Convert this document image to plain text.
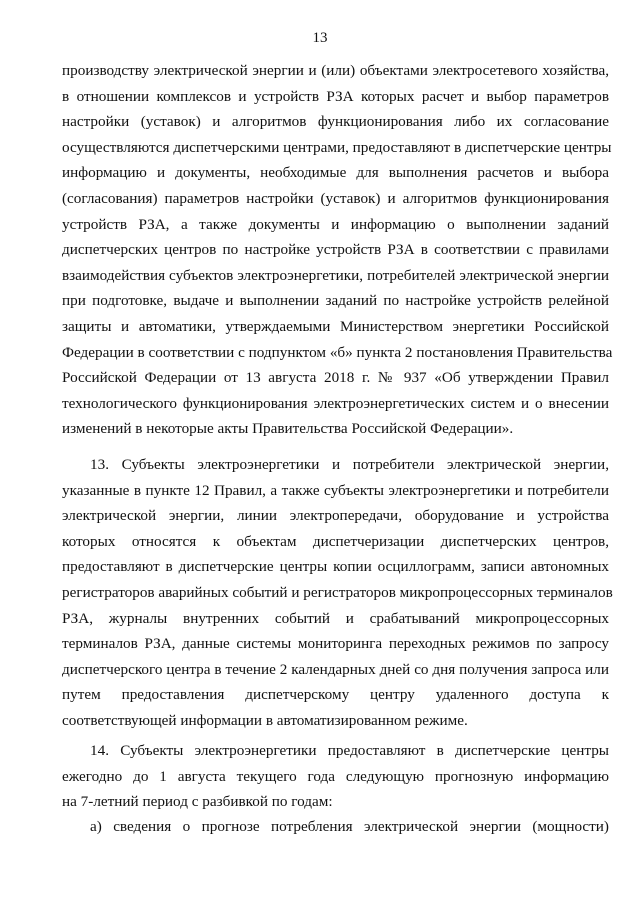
13
производству электрической энергии и (или) объектами электросетевого хозяйства,
в отношении комплексов и устройств РЗА которых расчет и выбор параметров
настройки (уставок) и алгоритмов функционирования либо их согласование
осуществляются диспетчерскими центрами, предоставляют в диспетчерские центры
информацию и документы, необходимые для выполнения расчетов и выбора
(согласования) параметров настройки (уставок) и алгоритмов функционирования
устройств РЗА, а также документы и информацию о выполнении заданий
диспетчерских центров по настройке устройств РЗА в соответствии с правилами
взаимодействия субъектов электроэнергетики, потребителей электрической энергии
при подготовке, выдаче и выполнении заданий по настройке устройств релейной
защиты и автоматики, утверждаемыми Министерством энергетики Российской
Федерации в соответствии с подпунктом «б» пункта 2 постановления Правительства
Российской Федерации от 13 августа 2018 г. № 937 «Об утверждении Правил
технологического функционирования электроэнергетических систем и о внесении
изменений в некоторые акты Правительства Российской Федерации».
13. Субъекты электроэнергетики и потребители электрической энергии,
указанные в пункте 12 Правил, а также субъекты электроэнергетики и потребители
электрической энергии, линии электропередачи, оборудование и устройства
которых относятся к объектам диспетчеризации диспетчерских центров,
предоставляют в диспетчерские центры копии осциллограмм, записи автономных
регистраторов аварийных событий и регистраторов микропроцессорных терминалов
РЗА, журналы внутренних событий и срабатываний микропроцессорных
терминалов РЗА, данные системы мониторинга переходных режимов по запросу
диспетчерского центра в течение 2 календарных дней со дня получения запроса или
путем предоставления диспетчерскому центру удаленного доступа к
соответствующей информации в автоматизированном режиме.
14. Субъекты электроэнергетики предоставляют в диспетчерские центры
ежегодно до 1 августа текущего года следующую прогнозную информацию
на 7-летний период с разбивкой по годам:
а) сведения о прогнозе потребления электрической энергии (мощности)
